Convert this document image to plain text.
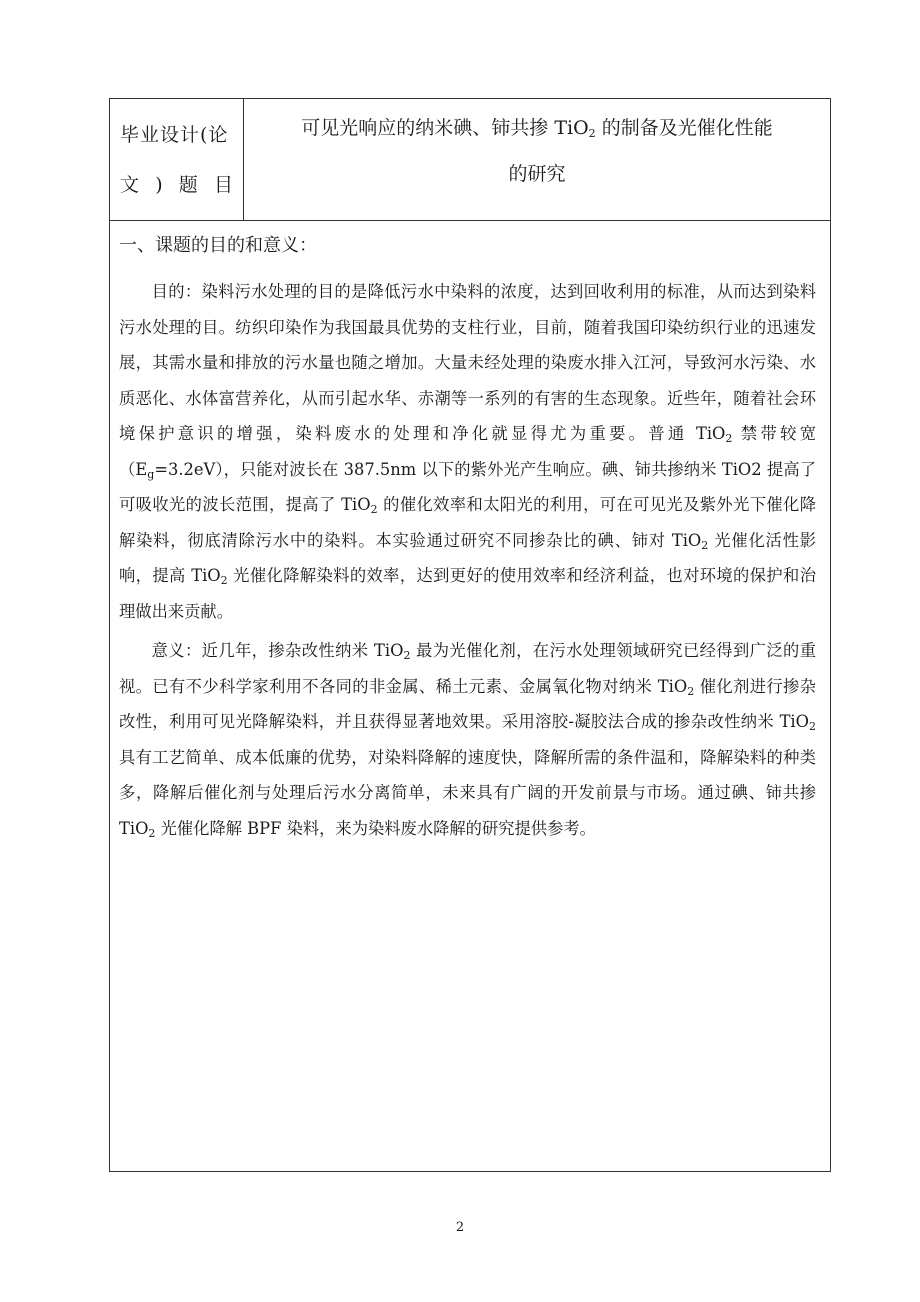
毕业设计(论
文 ) 题 目
可见光响应的纳米碘、铈共掺 TiO$_2$ 的制备及光催化性能
的研究
一、课题的目的和意义：

目的：染料污水处理的目的是降低污水中染料的浓度，达到回收利用的标准，从而达到染料污水处理的目。纺织印染作为我国最具优势的支柱行业，目前，随着我国印染纺织行业的迅速发展，其需水量和排放的污水量也随之增加。大量未经处理的染废水排入江河，导致河水污染、水质恶化、水体富营养化，从而引起水华、赤潮等一系列的有害的生态现象。近些年，随着社会环境保护意识的增强，染料废水的处理和净化就显得尤为重要。普通 TiO$_2$ 禁带较宽$(E_g=3.2eV)$，只能对波长在 387.5nm 以下的紫外光产生响应。碘、铈共掺纳米 TiO2 提高了可吸收光的波长范围，提高了 TiO$_2$ 的催化效率和太阳光的利用，可在可见光及紫外光下催化降解染料，彻底清除污水中的染料。本实验通过研究不同掺杂比的碘、铈对 TiO$_2$ 光催化活性影响，提高 TiO$_2$ 光催化降解染料的效率，达到更好的使用效率和经济利益，也对环境的保护和治理做出来贡献。

意义：近几年，掺杂改性纳米 TiO$_2$ 最为光催化剂，在污水处理领域研究已经得到广泛的重视。已有不少科学家利用不各同的非金属、稀土元素、金属氧化物对纳米 TiO$_2$ 催化剂进行掺杂改性，利用可见光降解染料，并且获得显著地效果。采用溶胶-凝胶法合成的掺杂改性纳米 TiO$_2$ 具有工艺简单、成本低廉的优势，对染料降解的速度快，降解所需的条件温和，降解染料的种类多，降解后催化剂与处理后污水分离简单，未来具有广阔的开发前景与市场。通过碘、铈共掺 TiO$_2$ 光催化降解 BPF 染料，来为染料废水降解的研究提供参考。

2
